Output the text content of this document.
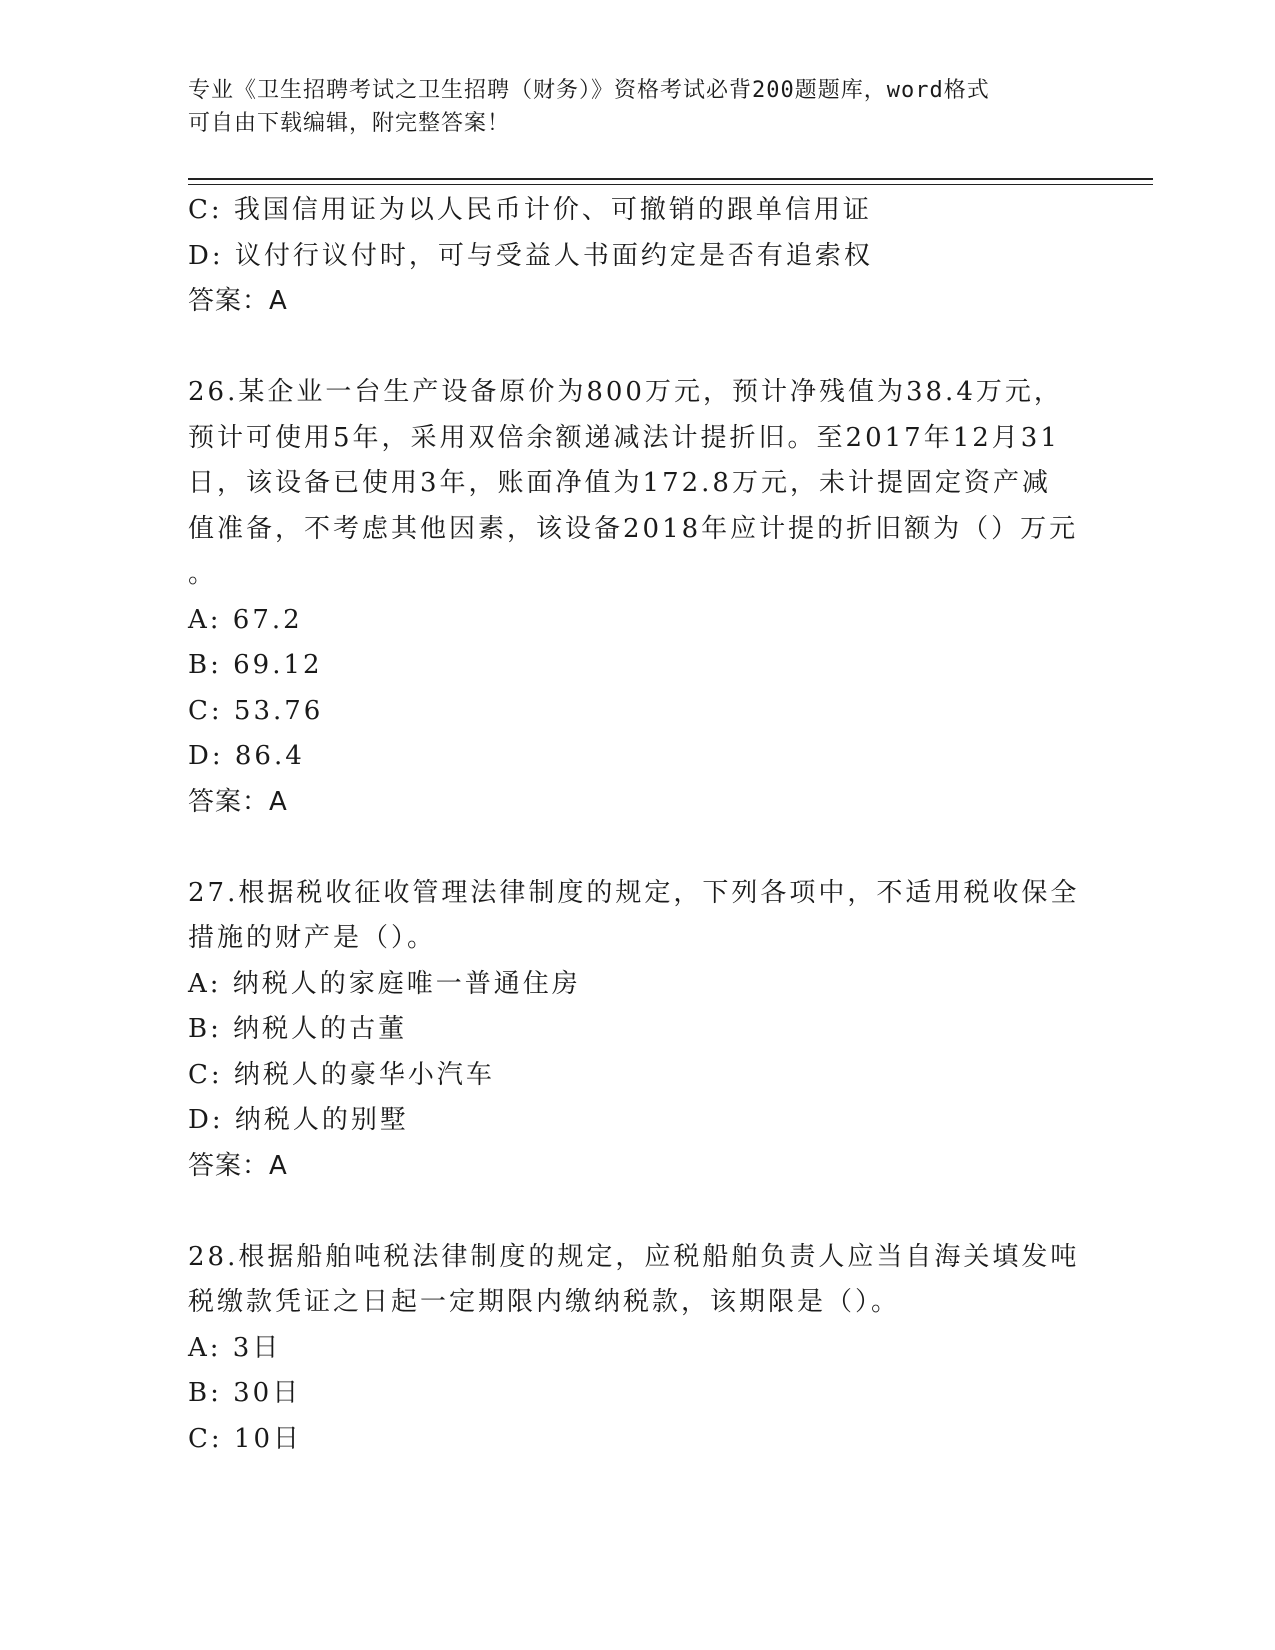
专业《卫生招聘考试之卫生招聘（财务）》资格考试必背200题题库，word格式
可自由下载编辑，附完整答案！
C: 我国信用证为以人民币计价、可撤销的跟单信用证
D: 议付行议付时，可与受益人书面约定是否有追索权
答案：A
26.某企业一台生产设备原价为800万元，预计净残值为38.4万元，
预计可使用5年，采用双倍余额递减法计提折旧。至2017年12月31
日，该设备已使用3年，账面净值为172.8万元，未计提固定资产减
值准备，不考虑其他因素，该设备2018年应计提的折旧额为（）万元
。
A: 67.2
B: 69.12
C: 53.76
D: 86.4
答案：A
27.根据税收征收管理法律制度的规定，下列各项中，不适用税收保全
措施的财产是（）。
A: 纳税人的家庭唯一普通住房
B: 纳税人的古董
C: 纳税人的豪华小汽车
D: 纳税人的别墅
答案：A
28.根据船舶吨税法律制度的规定，应税船舶负责人应当自海关填发吨
税缴款凭证之日起一定期限内缴纳税款，该期限是（）。
A: 3日
B: 30日
C: 10日
